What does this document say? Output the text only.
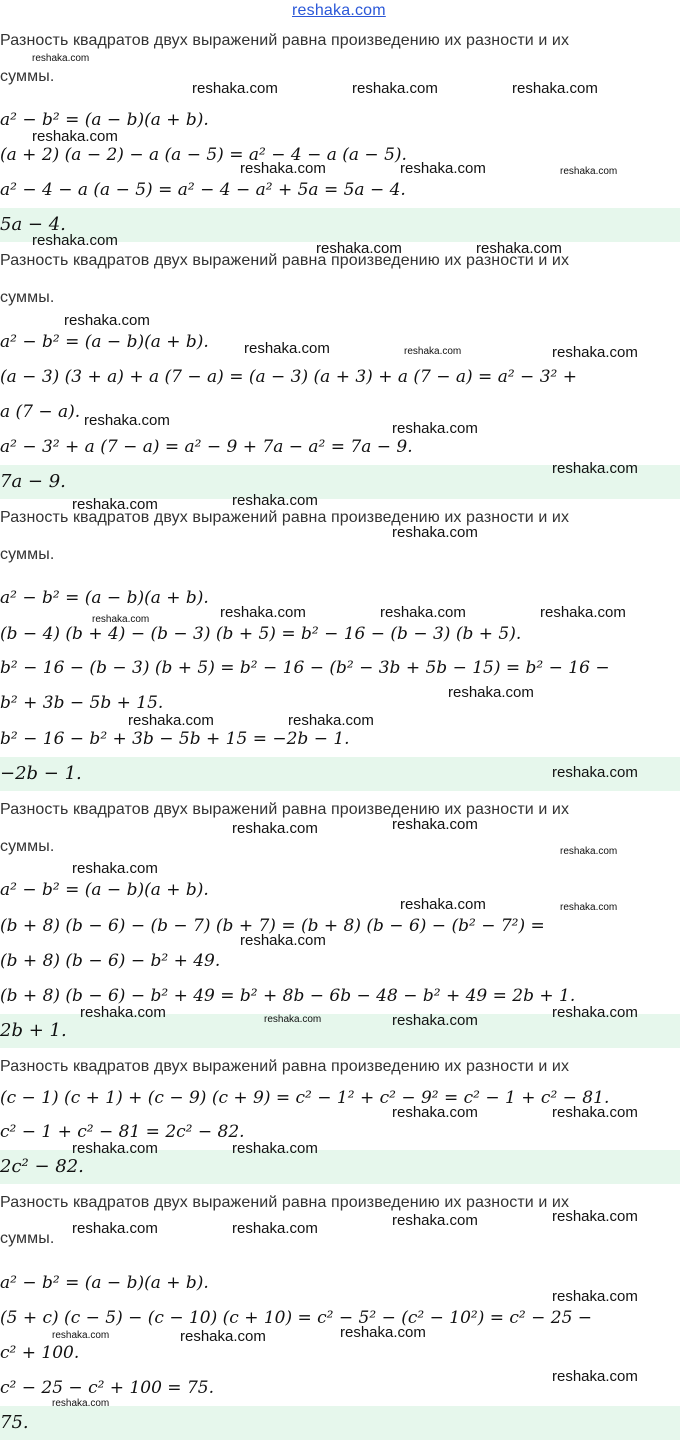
reshaka.com
Разность квадратов двух выражений равна произведению их разности и их
суммы.
a² − b² = (a − b)(a + b).
(a + 2) (a − 2) − a (a − 5) = a² − 4 − a (a − 5).
a² − 4 − a (a − 5) = a² − 4 − a² + 5a = 5a − 4.
5a − 4.
Разность квадратов двух выражений равна произведению их разности и их
суммы.
a² − b² = (a − b)(a + b).
(a − 3) (3 + a) + a (7 − a) = (a − 3) (a + 3) + a (7 − a) = a² − 3² +
a (7 − a).
a² − 3² + a (7 − a) = a² − 9 + 7a − a² = 7a − 9.
7a − 9.
Разность квадратов двух выражений равна произведению их разности и их
суммы.
a² − b² = (a − b)(a + b).
(b − 4) (b + 4) − (b − 3) (b + 5) = b² − 16 − (b − 3) (b + 5).
b² − 16 − (b − 3) (b + 5) = b² − 16 − (b² − 3b + 5b − 15) = b² − 16 −
b² + 3b − 5b + 15.
b² − 16 − b² + 3b − 5b + 15 = −2b − 1.
−2b − 1.
Разность квадратов двух выражений равна произведению их разности и их
суммы.
a² − b² = (a − b)(a + b).
(b + 8) (b − 6) − (b − 7) (b + 7) = (b + 8) (b − 6) − (b² − 7²) =
(b + 8) (b − 6) − b² + 49.
(b + 8) (b − 6) − b² + 49 = b² + 8b − 6b − 48 − b² + 49 = 2b + 1.
2b + 1.
Разность квадратов двух выражений равна произведению их разности и их
(c − 1) (c + 1) + (c − 9) (c + 9) = c² − 1² + c² − 9² = c² − 1 + c² − 81.
c² − 1 + c² − 81 = 2c² − 82.
2c² − 82.
Разность квадратов двух выражений равна произведению их разности и их
суммы.
a² − b² = (a − b)(a + b).
(5 + c) (c − 5) − (c − 10) (c + 10) = c² − 5² − (c² − 10²) = c² − 25 −
c² + 100.
c² − 25 − c² + 100 = 75.
75.
reshaka.com
reshaka.com	reshaka.com	reshaka.com
reshaka.com
reshaka.com	reshaka.com	reshaka.com
reshaka.com	reshaka.com	reshaka.com
reshaka.com
reshaka.com	reshaka.com	reshaka.com
reshaka.com	reshaka.com
reshaka.com
reshaka.com	reshaka.com
reshaka.com
reshaka.com	reshaka.com	reshaka.com	reshaka.com
reshaka.com
reshaka.com	reshaka.com
reshaka.com
reshaka.com	reshaka.com
reshaka.com
reshaka.com
reshaka.com	reshaka.com
reshaka.com
reshaka.com	reshaka.com	reshaka.com	reshaka.com
reshaka.com	reshaka.com
reshaka.com	reshaka.com
reshaka.com	reshaka.com	reshaka.com	reshaka.com
reshaka.com
reshaka.com	reshaka.com	reshaka.com
reshaka.com
reshaka.com
